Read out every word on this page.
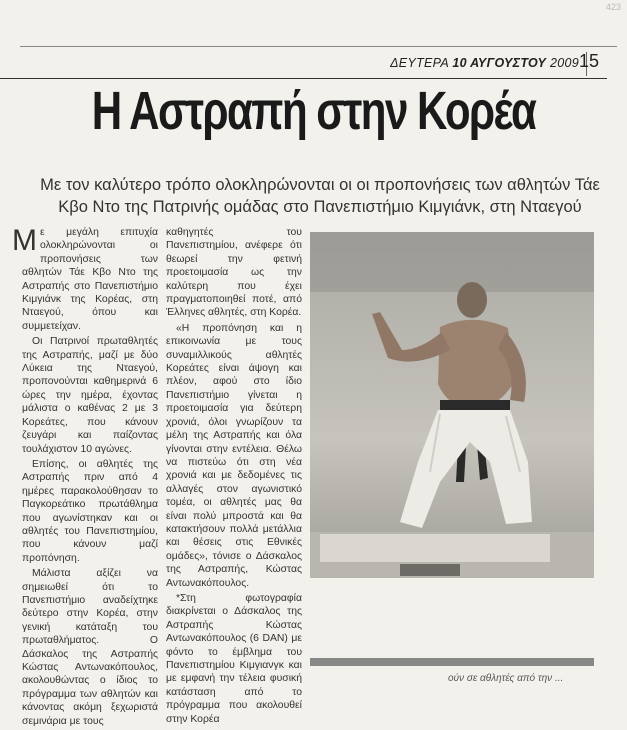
423
ΔΕΥΤΕΡΑ 10 ΑΥΓΟΥΣΤΟΥ 2009 15
Η Αστραπή στην Κορέα
Με τον καλύτερο τρόπο ολοκληρώνονται οι οι προπονήσεις των αθλητών Τάε Κβο Ντο της Πατρινής ομάδας στο Πανεπιστήμιο Κιμγιάνκ, στη Νταεγού

Με μεγάλη επιτυχία ολοκληρώνονται οι προπονήσεις των αθλητών Τάε Κβο Ντο της Αστραπής στο Πανεπιστήμιο Κιμγιάνκ της Κορέας, στη Νταεγού, όπου και συμμετείχαν.

Οι Πατρινοί πρωταθλητές της Αστραπής, μαζί με δύο Λύκεια της Νταεγού, προπονούνται καθημερινά 6 ώρες την ημέρα, έχοντας μάλιστα ο καθένας 2 με 3 Κορεάτες, που κάνουν ζευγάρι και παίζοντας τουλάχιστον 10 αγώνες.

Επίσης, οι αθλητές της Αστραπής πριν από 4 ημέρες παρακολούθησαν το Παγκορεάτικο πρωτάθλημα που αγωνίστηκαν και οι αθλητές του Πανεπιστημίου, που κάνουν μαζί προπόνηση.

Μάλιστα αξίζει να σημειωθεί ότι το Πανεπιστήμιο αναδείχτηκε δεύτερο στην Κορέα, στην γενική κατάταξη του πρωταθλήματος. Ο Δάσκαλος της Αστραπής Κώστας Αντωνακόπουλος, ακολουθώντας ο ίδιος το πρόγραμμα των αθλητών και κάνοντας ακόμη ξεχωριστά σεμινάρια με τους

καθηγητές του Πανεπιστημίου, ανέφερε ότι θεωρεί την φετινή προετοιμασία ως την καλύτερη που έχει πραγματοποιηθεί ποτέ, από Έλληνες αθλητές, στη Κορέα.

«Η προπόνηση και η επικοινωνία με τους συναμιλλικούς αθλητές Κορεάτες είναι άψογη και πλέον, αφού στο ίδιο Πανεπιστήμιο γίνεται η προετοιμασία για δεύτερη χρονιά, όλοι γνωρίζουν τα μέλη της Αστραπής και όλα γίνονται στην εντέλεια. Θέλω να πιστεύω ότι στη νέα χρονιά και με δεδομένες τις αλλαγές στον αγωνιστικό τομέα, οι αθλητές μας θα είναι πολύ μπροστά και θα κατακτήσουν πολλά μετάλλια και θέσεις στις Εθνικές ομάδες», τόνισε ο Δάσκαλος της Αστραπής, Κώστας Αντωνακόπουλος.

*Στη φωτογραφία διακρίνεται ο Δάσκαλος της Αστραπής Κώστας Αντωνακόπουλος (6 DAN) με φόντο το έμβλημα του Πανεπιστημίου Κιμγιανγκ και με εμφανή την τέλεια φυσική κατάσταση από το πρόγραμμα που ακολουθεί στην Κορέα

ούν σε αθλητές από την ...
